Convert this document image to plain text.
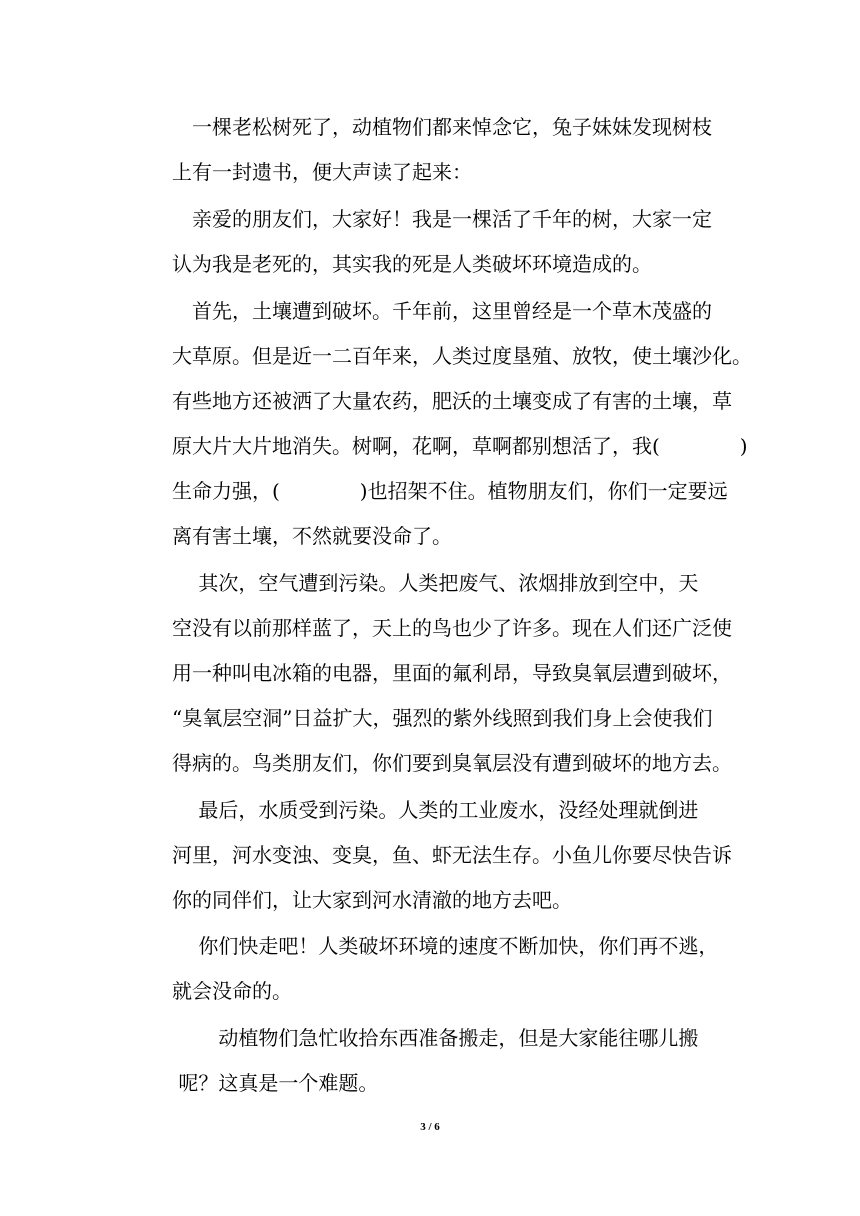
　一棵老松树死了，动植物们都来悼念它，兔子妹妹发现树枝

上有一封遗书，便大声读了起来：

　亲爱的朋友们，大家好！我是一棵活了千年的树，大家一定

认为我是老死的，其实我的死是人类破坏环境造成的。

　首先，土壤遭到破坏。千年前，这里曾经是一个草木茂盛的

大草原。但是近一二百年来，人类过度垦殖、放牧，使土壤沙化。

有些地方还被洒了大量农药，肥沃的土壤变成了有害的土壤，草

原大片大片地消失。树啊，花啊，草啊都别想活了，我(　　　　)

生命力强，(　　　　)也招架不住。植物朋友们，你们一定要远

离有害土壤，不然就要没命了。

　 其次，空气遭到污染。人类把废气、浓烟排放到空中，天

空没有以前那样蓝了，天上的鸟也少了许多。现在人们还广泛使

用一种叫电冰箱的电器，里面的氟利昂，导致臭氧层遭到破坏，

“臭氧层空洞”日益扩大，强烈的紫外线照到我们身上会使我们

得病的。鸟类朋友们，你们要到臭氧层没有遭到破坏的地方去。

　 最后，水质受到污染。人类的工业废水，没经处理就倒进

河里，河水变浊、变臭，鱼、虾无法生存。小鱼儿你要尽快告诉

你的同伴们，让大家到河水清澈的地方去吧。

　 你们快走吧！人类破坏环境的速度不断加快，你们再不逃，

就会没命的。

　　 动植物们急忙收拾东西准备搬走，但是大家能往哪儿搬

呢？这真是一个难题。

3 / 6
